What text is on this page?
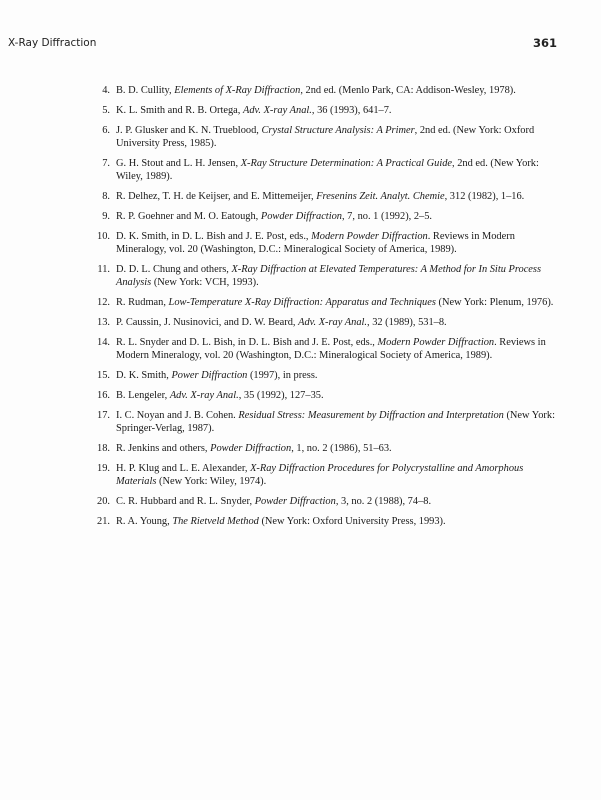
X-Ray Diffraction	361
4. B. D. Cullity, Elements of X-Ray Diffraction, 2nd ed. (Menlo Park, CA: Addison-Wesley, 1978).
5. K. L. Smith and R. B. Ortega, Adv. X-ray Anal., 36 (1993), 641–7.
6. J. P. Glusker and K. N. Trueblood, Crystal Structure Analysis: A Primer, 2nd ed. (New York: Oxford University Press, 1985).
7. G. H. Stout and L. H. Jensen, X-Ray Structure Determination: A Practical Guide, 2nd ed. (New York: Wiley, 1989).
8. R. Delhez, T. H. de Keijser, and E. Mittemeijer, Fresenins Zeit. Analyt. Chemie, 312 (1982), 1–16.
9. R. P. Goehner and M. O. Eatough, Powder Diffraction, 7, no. 1 (1992), 2–5.
10. D. K. Smith, in D. L. Bish and J. E. Post, eds., Modern Powder Diffraction. Reviews in Modern Mineralogy, vol. 20 (Washington, D.C.: Mineralogical Society of America, 1989).
11. D. D. L. Chung and others, X-Ray Diffraction at Elevated Temperatures: A Method for In Situ Process Analysis (New York: VCH, 1993).
12. R. Rudman, Low-Temperature X-Ray Diffraction: Apparatus and Techniques (New York: Plenum, 1976).
13. P. Caussin, J. Nusinovici, and D. W. Beard, Adv. X-ray Anal., 32 (1989), 531–8.
14. R. L. Snyder and D. L. Bish, in D. L. Bish and J. E. Post, eds., Modern Powder Diffraction. Reviews in Modern Mineralogy, vol. 20 (Washington, D.C.: Mineralogical Society of America, 1989).
15. D. K. Smith, Power Diffraction (1997), in press.
16. B. Lengeler, Adv. X-ray Anal., 35 (1992), 127–35.
17. I. C. Noyan and J. B. Cohen. Residual Stress: Measurement by Diffraction and Interpretation (New York: Springer-Verlag, 1987).
18. R. Jenkins and others, Powder Diffraction, 1, no. 2 (1986), 51–63.
19. H. P. Klug and L. E. Alexander, X-Ray Diffraction Procedures for Polycrystalline and Amorphous Materials (New York: Wiley, 1974).
20. C. R. Hubbard and R. L. Snyder, Powder Diffraction, 3, no. 2 (1988), 74–8.
21. R. A. Young, The Rietveld Method (New York: Oxford University Press, 1993).
